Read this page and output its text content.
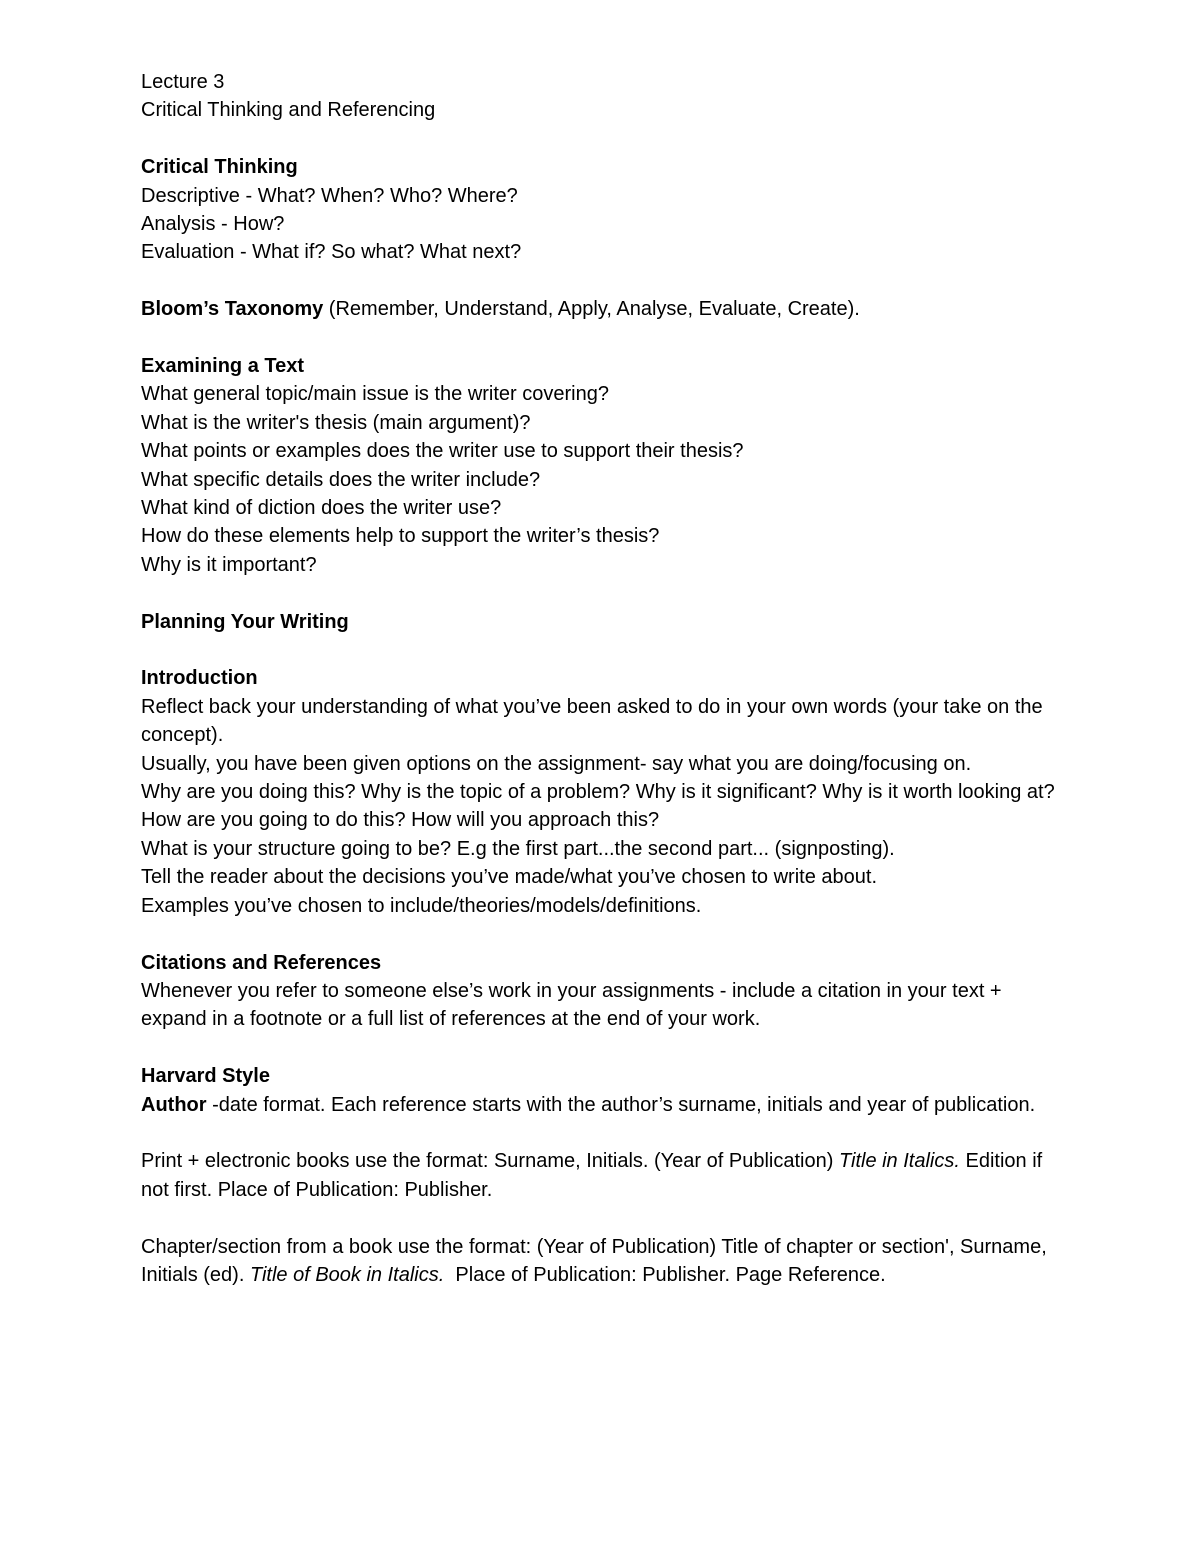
Lecture 3
Critical Thinking and Referencing
Critical Thinking
Descriptive - What? When? Who? Where?
Analysis - How?
Evaluation - What if? So what? What next?
Bloom’s Taxonomy (Remember, Understand, Apply, Analyse, Evaluate, Create).
Examining a Text
What general topic/main issue is the writer covering?
What is the writer's thesis (main argument)?
What points or examples does the writer use to support their thesis?
What specific details does the writer include?
What kind of diction does the writer use?
How do these elements help to support the writer’s thesis?
Why is it important?
Planning Your Writing
Introduction
Reflect back your understanding of what you’ve been asked to do in your own words (your take on the concept).
Usually, you have been given options on the assignment- say what you are doing/focusing on.
Why are you doing this? Why is the topic of a problem? Why is it significant? Why is it worth looking at?
How are you going to do this? How will you approach this?
What is your structure going to be? E.g the first part...the second part... (signposting).
Tell the reader about the decisions you’ve made/what you’ve chosen to write about.
Examples you’ve chosen to include/theories/models/definitions.
Citations and References
Whenever you refer to someone else’s work in your assignments - include a citation in your text + expand in a footnote or a full list of references at the end of your work.
Harvard Style
Author -date format. Each reference starts with the author’s surname, initials and year of publication.
Print + electronic books use the format: Surname, Initials. (Year of Publication) Title in Italics. Edition if not first. Place of Publication: Publisher.
Chapter/section from a book use the format: (Year of Publication) Title of chapter or section', Surname, Initials (ed). Title of Book in Italics.  Place of Publication: Publisher. Page Reference.
